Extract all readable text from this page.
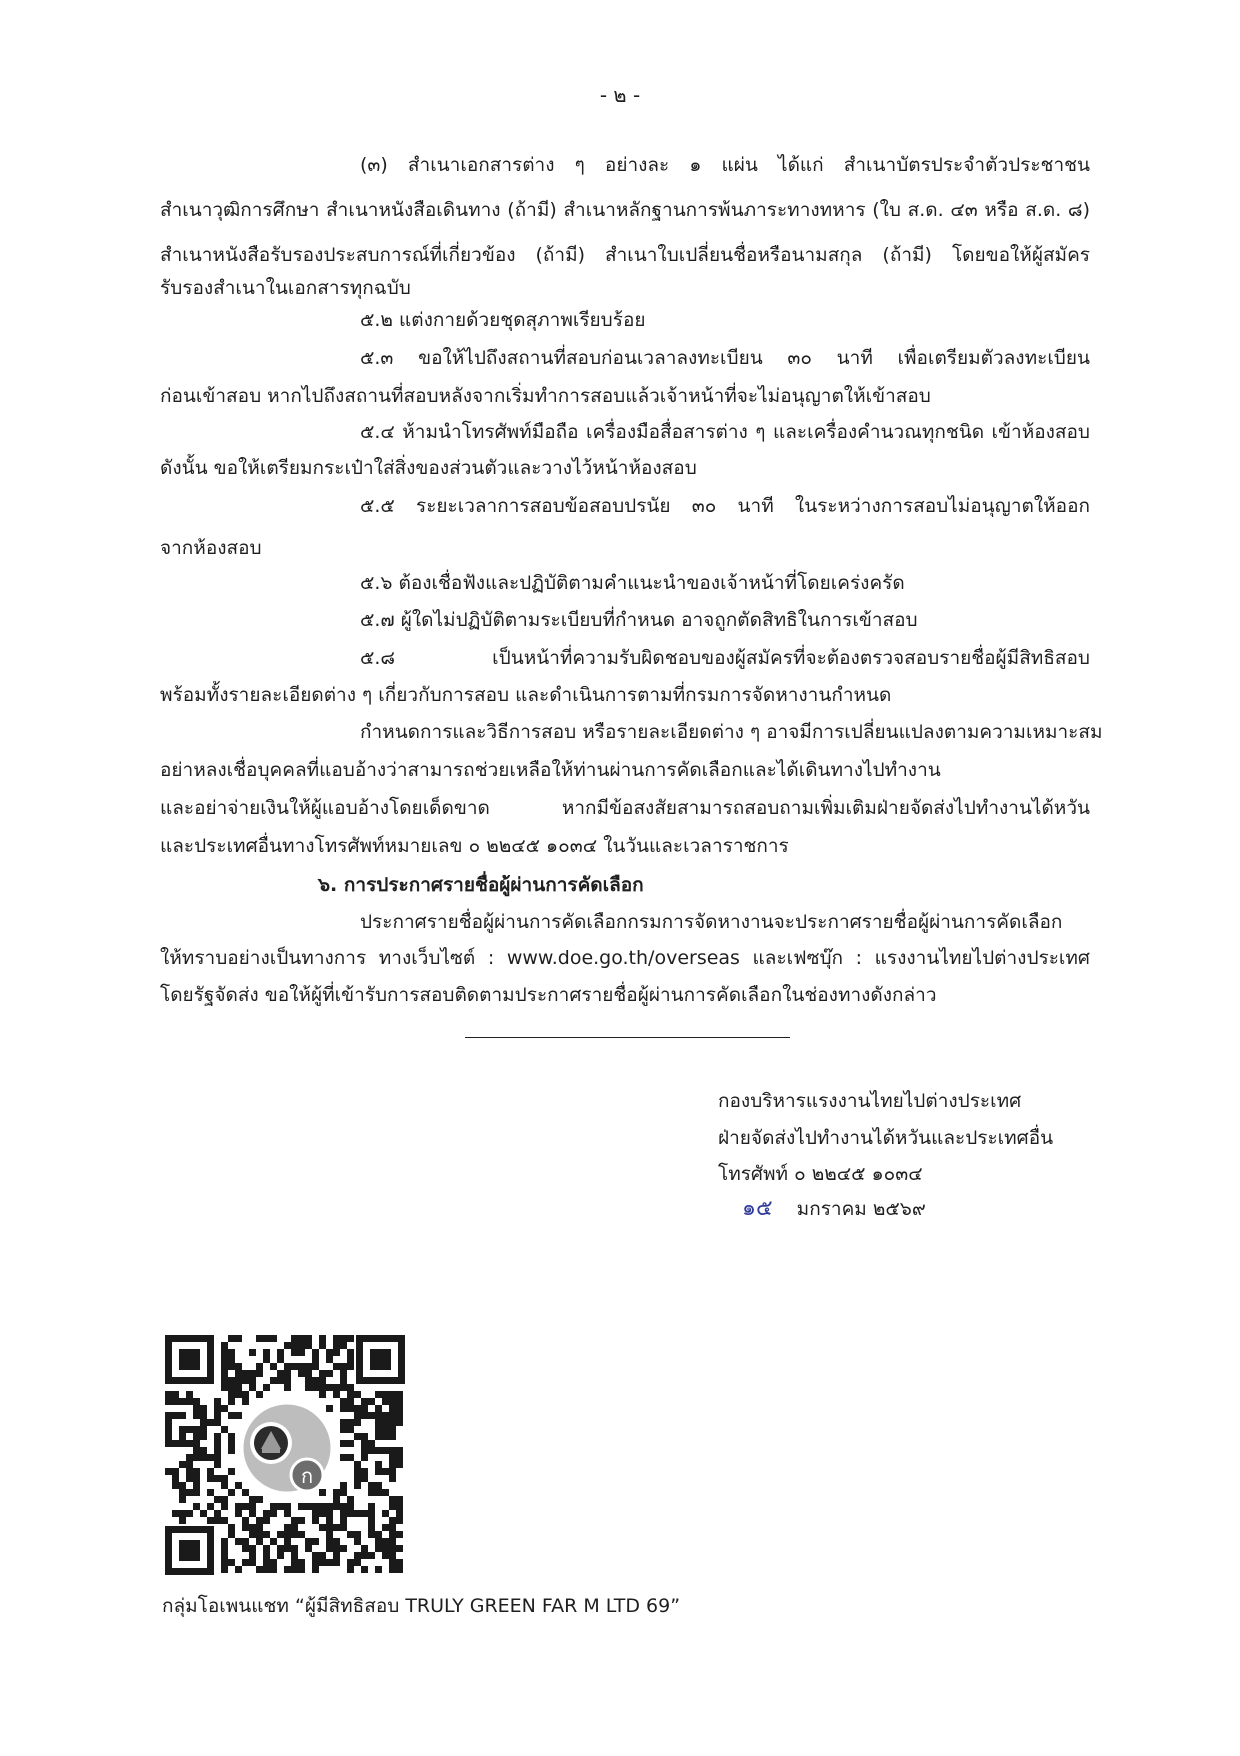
- ๒ -
(๓) สำเนาเอกสารต่าง ๆ อย่างละ ๑ แผ่น ได้แก่ สำเนาบัตรประจำตัวประชาชน
สำเนาวุฒิการศึกษา สำเนาหนังสือเดินทาง (ถ้ามี) สำเนาหลักฐานการพ้นภาระทางทหาร (ใบ ส.ด. ๔๓ หรือ ส.ด. ๘)
สำเนาหนังสือรับรองประสบการณ์ที่เกี่ยวข้อง (ถ้ามี) สำเนาใบเปลี่ยนชื่อหรือนามสกุล (ถ้ามี) โดยขอให้ผู้สมัคร
รับรองสำเนาในเอกสารทุกฉบับ
๕.๒ แต่งกายด้วยชุดสุภาพเรียบร้อย
๕.๓ ขอให้ไปถึงสถานที่สอบก่อนเวลาลงทะเบียน ๓๐ นาที เพื่อเตรียมตัวลงทะเบียน
ก่อนเข้าสอบ หากไปถึงสถานที่สอบหลังจากเริ่มทำการสอบแล้วเจ้าหน้าที่จะไม่อนุญาตให้เข้าสอบ
๕.๔ ห้ามนำโทรศัพท์มือถือ เครื่องมือสื่อสารต่าง ๆ และเครื่องคำนวณทุกชนิด เข้าห้องสอบ
ดังนั้น ขอให้เตรียมกระเป๋าใส่สิ่งของส่วนตัวและวางไว้หน้าห้องสอบ
๕.๕ ระยะเวลาการสอบข้อสอบปรนัย ๓๐ นาที ในระหว่างการสอบไม่อนุญาตให้ออก
จากห้องสอบ
๕.๖ ต้องเชื่อฟังและปฏิบัติตามคำแนะนำของเจ้าหน้าที่โดยเคร่งครัด
๕.๗ ผู้ใดไม่ปฏิบัติตามระเบียบที่กำหนด อาจถูกตัดสิทธิในการเข้าสอบ
๕.๘ เป็นหน้าที่ความรับผิดชอบของผู้สมัครที่จะต้องตรวจสอบรายชื่อผู้มีสิทธิสอบ
พร้อมทั้งรายละเอียดต่าง ๆ เกี่ยวกับการสอบ และดำเนินการตามที่กรมการจัดหางานกำหนด
กำหนดการและวิธีการสอบ หรือรายละเอียดต่าง ๆ อาจมีการเปลี่ยนแปลงตามความเหมาะสม
อย่าหลงเชื่อบุคคลที่แอบอ้างว่าสามารถช่วยเหลือให้ท่านผ่านการคัดเลือกและได้เดินทางไปทำงาน
และอย่าจ่ายเงินให้ผู้แอบอ้างโดยเด็ดขาด หากมีข้อสงสัยสามารถสอบถามเพิ่มเติมฝ่ายจัดส่งไปทำงานได้หวัน
และประเทศอื่นทางโทรศัพท์หมายเลข ๐ ๒๒๔๕ ๑๐๓๔ ในวันและเวลาราชการ
๖. การประกาศรายชื่อผู้ผ่านการคัดเลือก
ประกาศรายชื่อผู้ผ่านการคัดเลือกกรมการจัดหางานจะประกาศรายชื่อผู้ผ่านการคัดเลือก
ให้ทราบอย่างเป็นทางการ ทางเว็บไซต์ : www.doe.go.th/overseas และเฟซบุ๊ก : แรงงานไทยไปต่างประเทศ
โดยรัฐจัดส่ง ขอให้ผู้ที่เข้ารับการสอบติดตามประกาศรายชื่อผู้ผ่านการคัดเลือกในช่องทางดังกล่าว
กองบริหารแรงงานไทยไปต่างประเทศ
ฝ่ายจัดส่งไปทำงานได้หวันและประเทศอื่น
โทรศัพท์ ๐ ๒๒๔๕ ๑๐๓๔
๑๕ มกราคม ๒๕๖๙
ก
กลุ่มโอเพนแชท “ผู้มีสิทธิสอบ TRULY GREEN FAR M LTD 69”
